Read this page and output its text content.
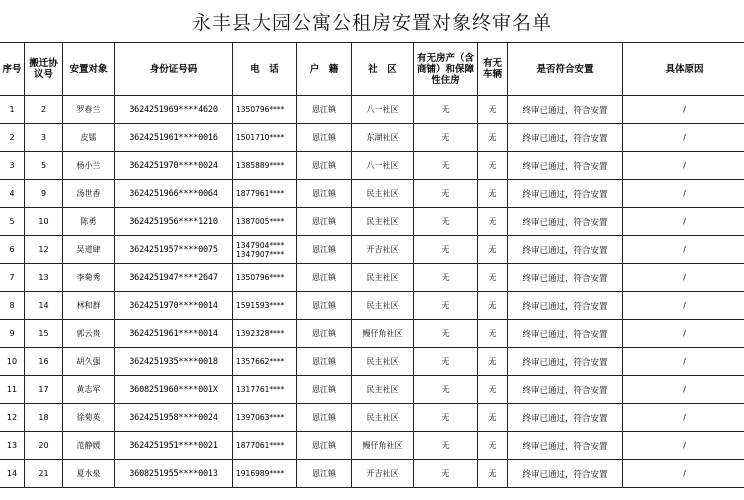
永丰县大园公寓公租房安置对象终审名单
序号	搬迁协议号	安置对象	身份证号码	电　话	户　籍	社　区	有无房产（含商铺）和保障性住房	有无车辆	是否符合安置	具体原因
1	2	罗春兰	3624251969****4620	1350796****	恩江镇	八一社区	无	无	终审已通过，符合安置	/
2	3	皮镭	3624251961****0016	1501710****	恩江镇	东湖社区	无	无	终审已通过，符合安置	/
3	5	杨小兰	3624251970****0024	1385889****	恩江镇	八一社区	无	无	终审已通过，符合安置	/
4	9	汤世香	3624251966****0064	1877961****	恩江镇	民主社区	无	无	终审已通过，符合安置	/
5	10	陈勇	3624251956****1210	1387005****	恩江镇	民主社区	无	无	终审已通过，符合安置	/
6	12	吴道肆	3624251957****0075	1347904****
1347907****	恩江镇	开吉社区	无	无	终审已通过，符合安置	/
7	13	李菊秀	3624251947****2647	1350796****	恩江镇	民主社区	无	无	终审已通过，符合安置	/
8	14	林和群	3624251970****0014	1591593****	恩江镇	民主社区	无	无	终审已通过，符合安置	/
9	15	郭云贵	3624251961****0014	1392328****	恩江镇	鳗仔角社区	无	无	终审已通过，符合安置	/
10	16	胡久强	3624251935****0018	1357662****	恩江镇	民主社区	无	无	终审已通过，符合安置	/
11	17	黄志军	3608251960****001X	1317761****	恩江镇	民主社区	无	无	终审已通过，符合安置	/
12	18	徐菊英	3624251958****0024	1397063****	恩江镇	民主社区	无	无	终审已通过，符合安置	/
13	20	范静媛	3624251951****0021	1877061****	恩江镇	鳗仔角社区	无	无	终审已通过，符合安置	/
14	21	夏水泉	3608251955****0013	1916989****	恩江镇	开吉社区	无	无	终审已通过，符合安置	/
